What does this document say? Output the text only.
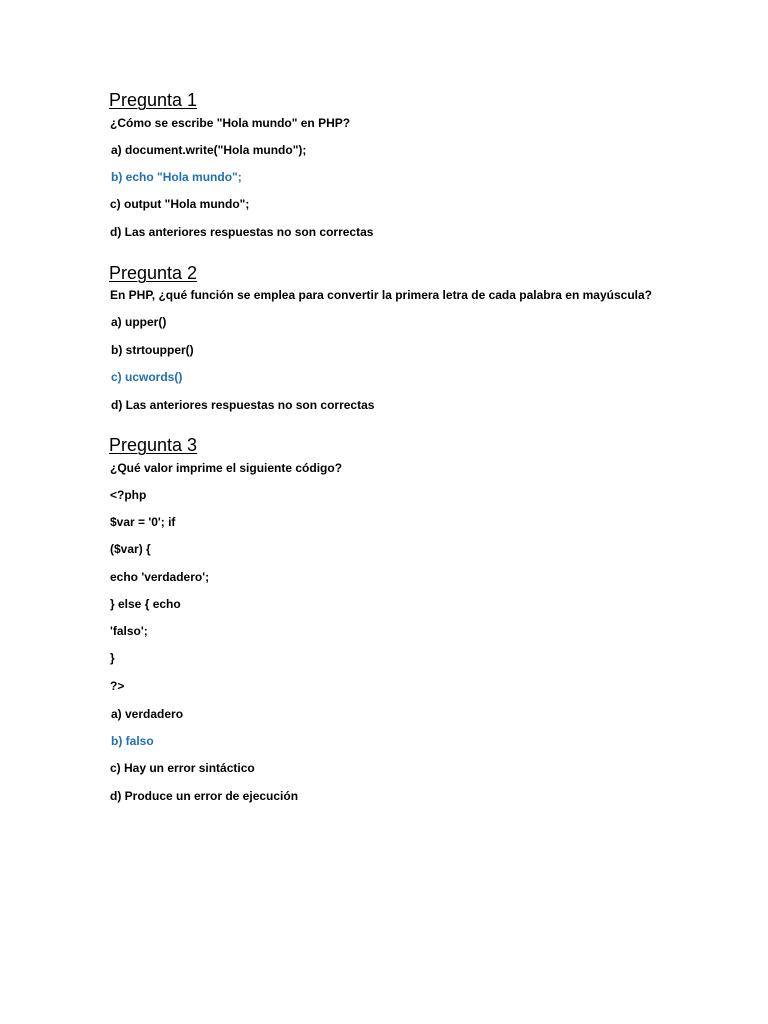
Pregunta 1
¿Cómo se escribe "Hola mundo" en PHP?
a) document.write("Hola mundo");
b) echo "Hola mundo";
c) output "Hola mundo";
d) Las anteriores respuestas no son correctas
Pregunta 2
En PHP, ¿qué función se emplea para convertir la primera letra de cada palabra en mayúscula?
a) upper()
b) strtoupper()
c) ucwords()
d) Las anteriores respuestas no son correctas
Pregunta 3
¿Qué valor imprime el siguiente código?
<?php
$var = '0'; if
($var) {
echo 'verdadero';
} else { echo
'falso';
}
?>
a) verdadero
b) falso
c) Hay un error sintáctico
d) Produce un error de ejecución
